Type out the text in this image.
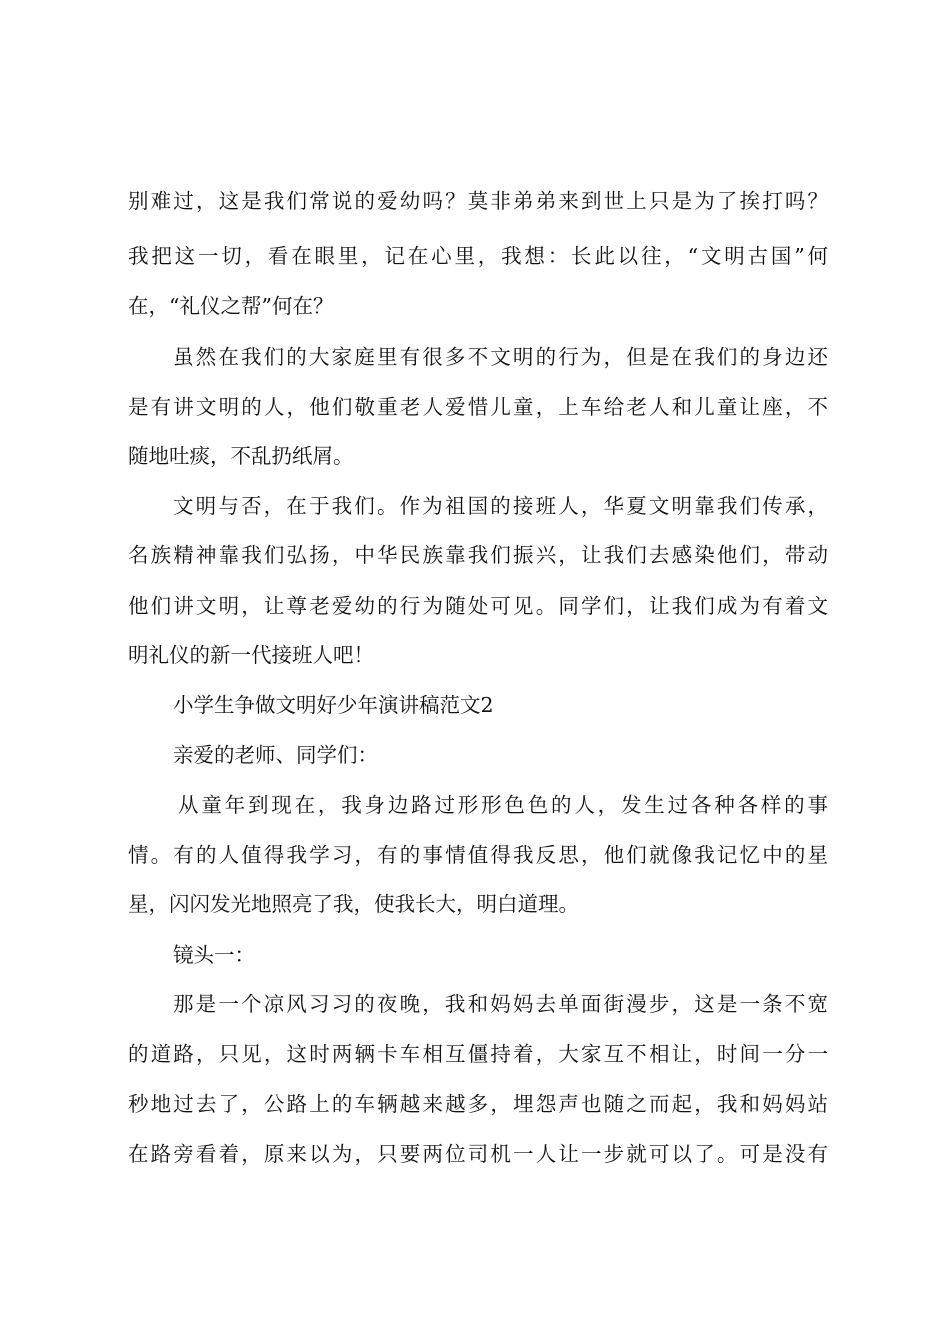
别难过，这是我们常说的爱幼吗？莫非弟弟来到世上只是为了挨打吗？

我把这一切，看在眼里，记在心里，我想：长此以往，“文明古国”何

在，“礼仪之帮”何在？

虽然在我们的大家庭里有很多不文明的行为，但是在我们的身边还

是有讲文明的人，他们敬重老人爱惜儿童，上车给老人和儿童让座，不

随地吐痰，不乱扔纸屑。

文明与否，在于我们。作为祖国的接班人，华夏文明靠我们传承，

名族精神靠我们弘扬，中华民族靠我们振兴，让我们去感染他们，带动

他们讲文明，让尊老爱幼的行为随处可见。同学们，让我们成为有着文

明礼仪的新一代接班人吧！

小学生争做文明好少年演讲稿范文2

亲爱的老师、同学们：

从童年到现在，我身边路过形形色色的人，发生过各种各样的事

情。有的人值得我学习，有的事情值得我反思，他们就像我记忆中的星

星，闪闪发光地照亮了我，使我长大，明白道理。

镜头一：

那是一个凉风习习的夜晚，我和妈妈去单面街漫步，这是一条不宽

的道路，只见，这时两辆卡车相互僵持着，大家互不相让，时间一分一

秒地过去了，公路上的车辆越来越多，埋怨声也随之而起，我和妈妈站

在路旁看着，原来以为，只要两位司机一人让一步就可以了。可是没有
